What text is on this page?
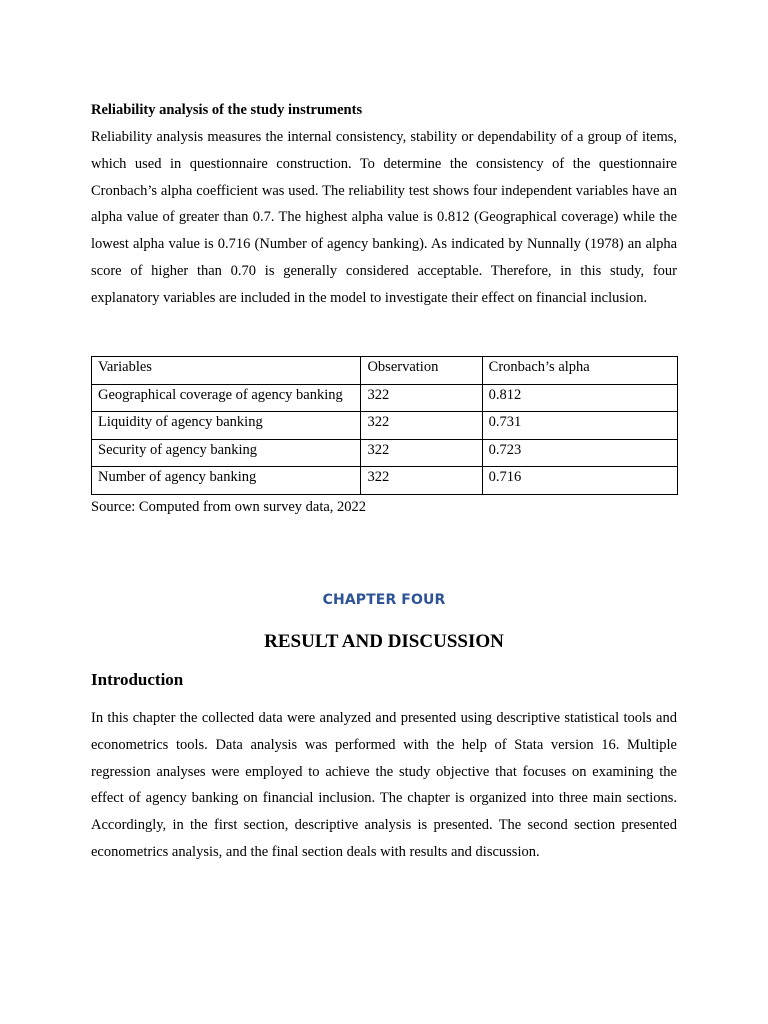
Reliability analysis of the study instruments

Reliability analysis measures the internal consistency, stability or dependability of a group of items, which used in questionnaire construction. To determine the consistency of the questionnaire Cronbach’s alpha coefficient was used. The reliability test shows four independent variables have an alpha value of greater than 0.7. The highest alpha value is 0.812 (Geographical coverage) while the lowest alpha value is 0.716 (Number of agency banking). As indicated by Nunnally (1978) an alpha score of higher than 0.70 is generally considered acceptable. Therefore, in this study, four explanatory variables are included in the model to investigate their effect on financial inclusion.

Variables	Observation	Cronbach’s alpha
Geographical coverage of agency banking	322	0.812
Liquidity of agency banking	322	0.731
Security of agency banking	322	0.723
Number of agency banking	322	0.716
Source: Computed from own survey data, 2022
CHAPTER FOUR
RESULT AND DISCUSSION
Introduction

In this chapter the collected data were analyzed and presented using descriptive statistical tools and econometrics tools. Data analysis was performed with the help of Stata version 16. Multiple regression analyses were employed to achieve the study objective that focuses on examining the effect of agency banking on financial inclusion. The chapter is organized into three main sections. Accordingly, in the first section, descriptive analysis is presented. The second section presented econometrics analysis, and the final section deals with results and discussion.
